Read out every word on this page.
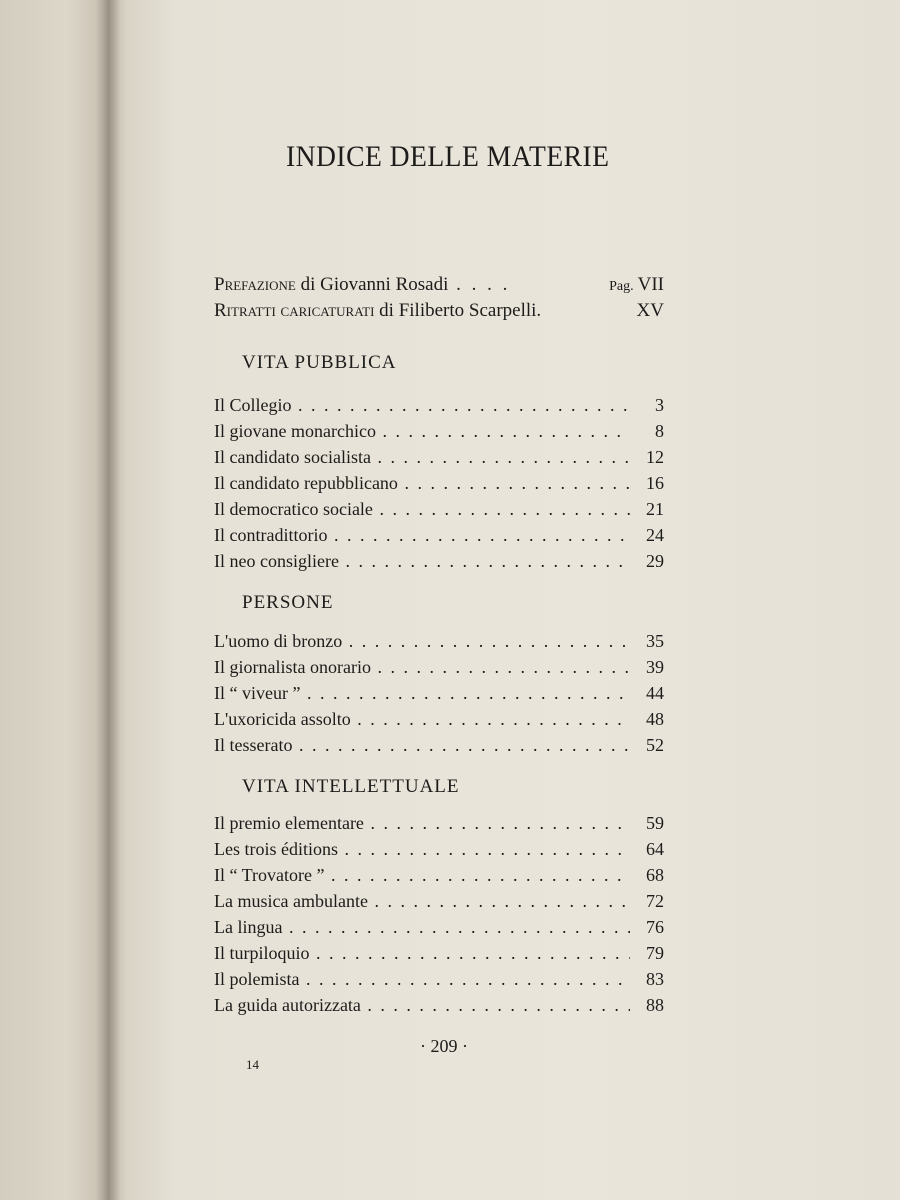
INDICE DELLE MATERIE
Prefazione di Giovanni Rosadi . . . .	Pag. VII
Ritratti caricaturati di Filiberto Scarpelli.	XV
VITA PUBBLICA
Il Collegio . . .	3
Il giovane monarchico . . .	8
Il candidato socialista . . .	12
Il candidato repubblicano . . .	16
Il democratico sociale . . .	21
Il contradittorio . . .	24
Il neo consigliere . . .	29
PERSONE
L'uomo di bronzo . . .	35
Il giornalista onorario . . .	39
Il “ viveur ” . . .	44
L'uxoricida assolto . . .	48
Il tesserato . . .	52
VITA INTELLETTUALE
Il premio elementare . . .	59
Les trois éditions . . .	64
Il “ Trovatore ” . . .	68
La musica ambulante . . .	72
La lingua . . .	76
Il turpiloquio . . .	79
Il polemista . . .	83
La guida autorizzata . . .	88
· 209 ·
14
